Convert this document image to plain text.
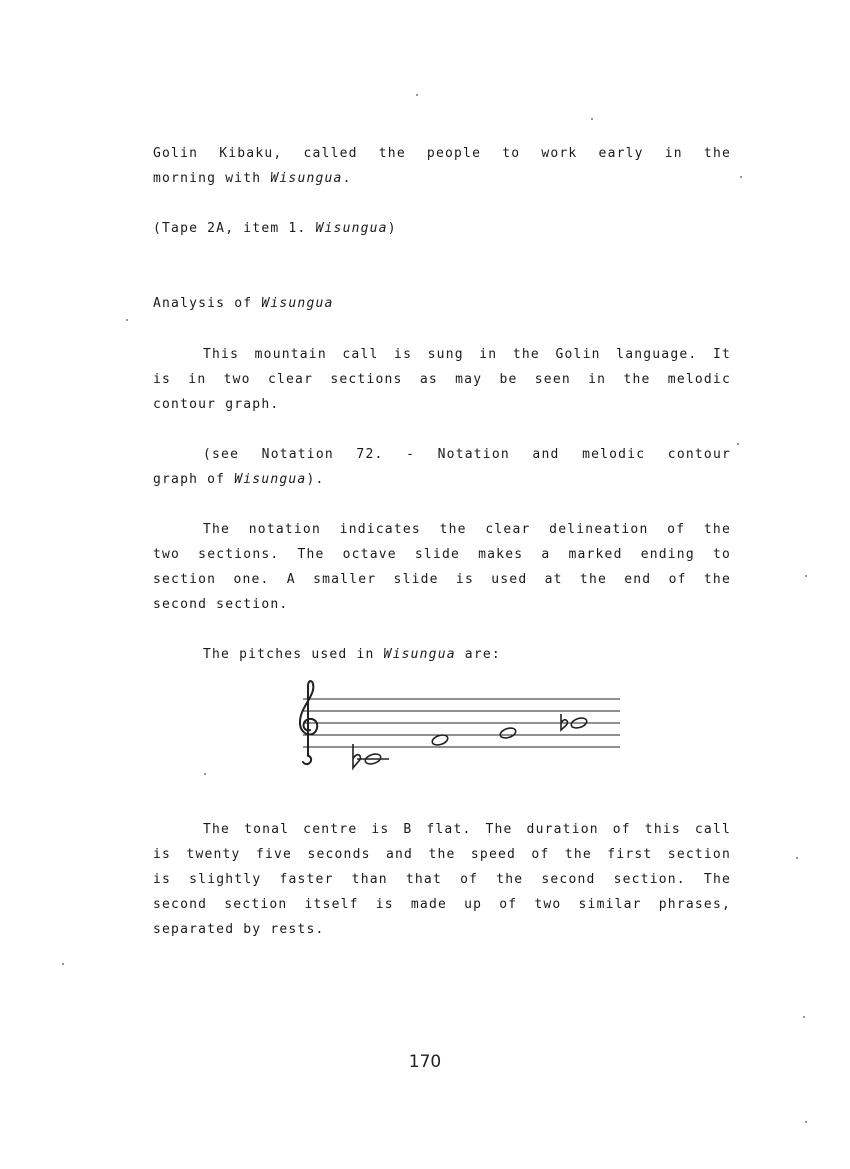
Golin Kibaku, called the people to work early in the
morning with Wisungua.
(Tape 2A, item 1. Wisungua)
Analysis of Wisungua
This mountain call is sung in the Golin language. It
is in two clear sections as may be seen in the melodic
contour graph.
(see Notation 72. - Notation and melodic contour
graph of Wisungua).
The notation indicates the clear delineation of the
two sections. The octave slide makes a marked ending to
section one. A smaller slide is used at the end of the
second section.
The pitches used in Wisungua are:
The tonal centre is B flat. The duration of this call
is twenty five seconds and the speed of the first section
is slightly faster than that of the second section. The
second section itself is made up of two similar phrases,
separated by rests.
170
